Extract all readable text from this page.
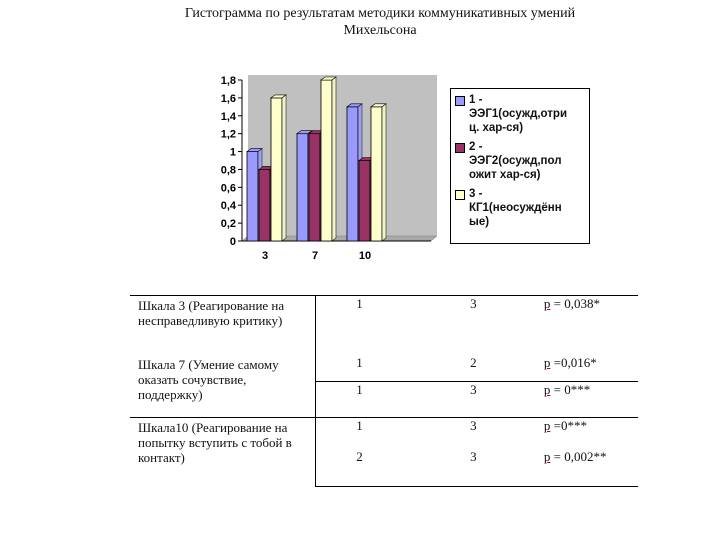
Гистограмма по результатам методики коммуникативных умений
Михельсона
0
0,2
0,4
0,6
0,8
1
1,2
1,4
1,6
1,8
3	7	10
1 -
ЭЭГ1(осужд,отри
ц. хар-ся)
2 -
ЭЭГ2(осужд,пол
ожит хар-ся)
3 -
КГ1(неосуждённ
ые)
Шкала 3 (Реагирование на несправедливую критику)	1	3	р = 0,038*
Шкала 7 (Умение самому оказать сочувствие, поддержку)	1	2	р =0,016*
	1	3	р = 0***
Шкала10 (Реагирование на попытку вступить с тобой в контакт)	1	3	р =0***
	2	3	р = 0,002**
